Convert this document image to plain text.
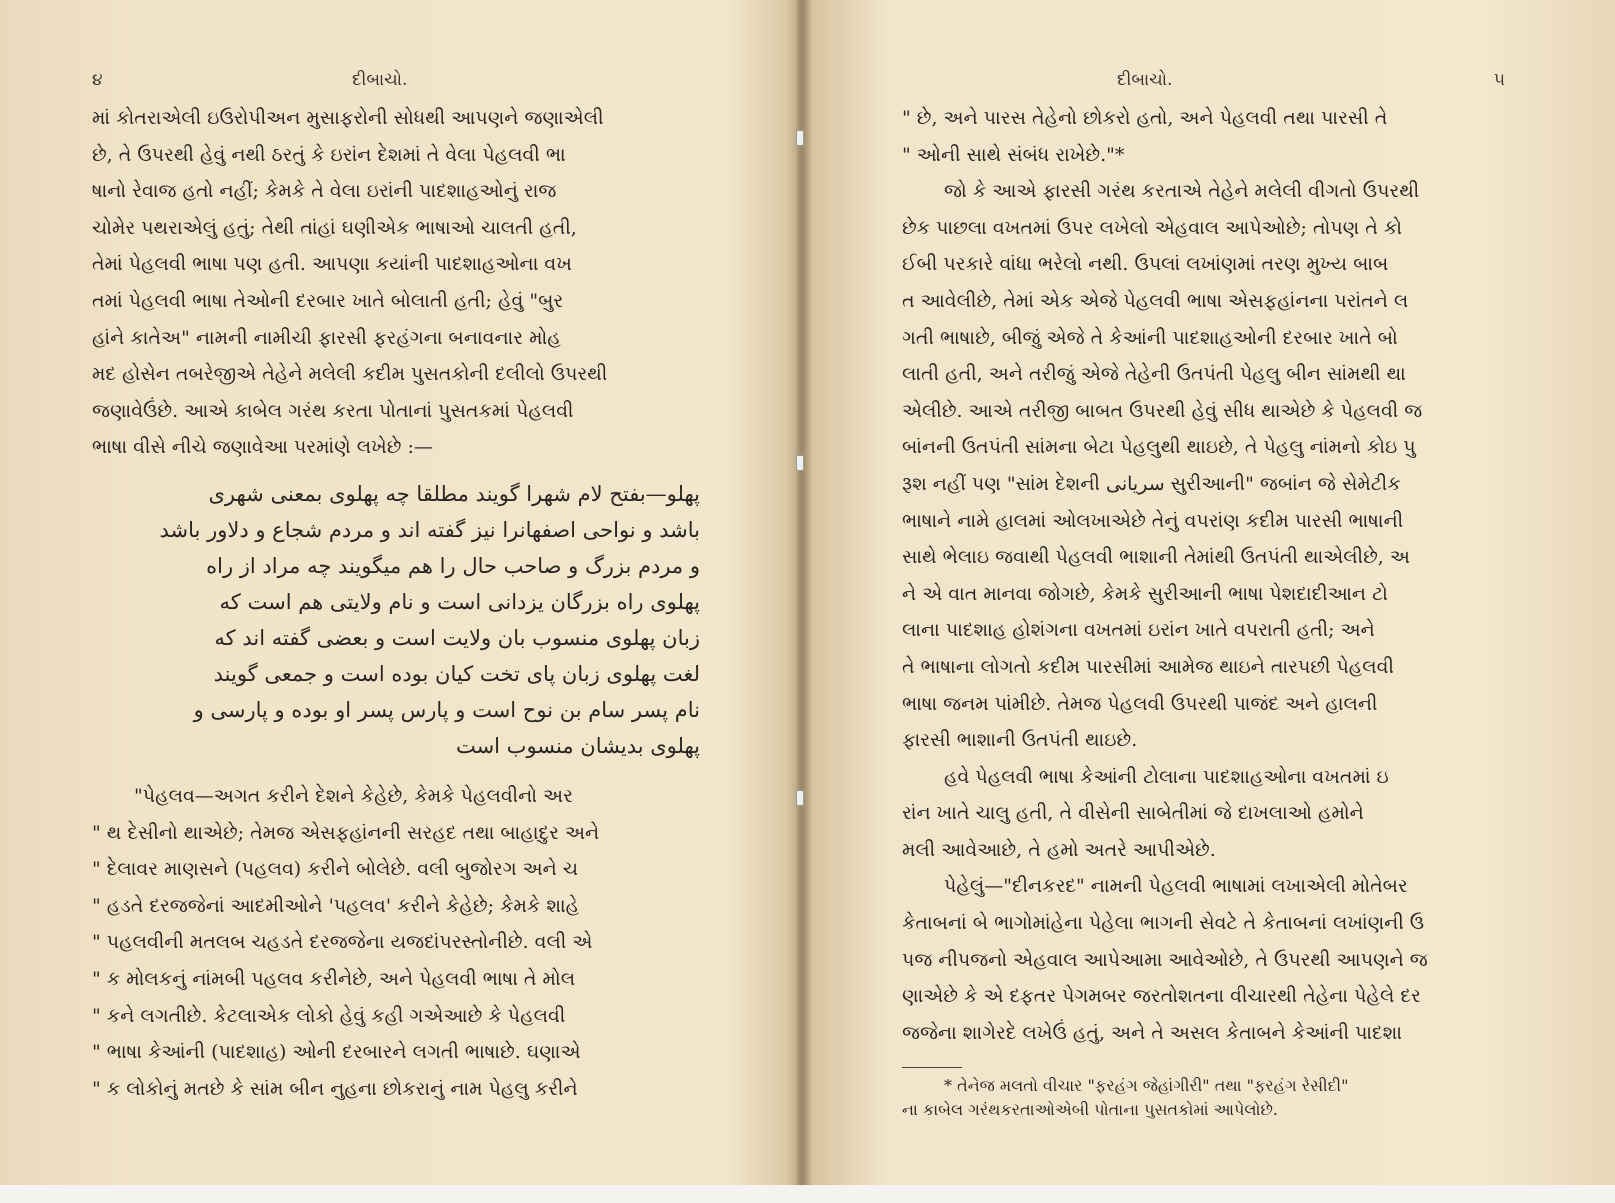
૪	દીબાચો.
માં કોતરાએલી ઇઉરોપીઅન મુસાફરોની સોધથી આપણને જણાએલી
છે, તે ઉપરથી હેવું નથી ઠરતું કે ઇરાંન દેશમાં તે વેલા પેહલવી ભા
ષાનો રેવાજ હતો નહીં; કેમકે તે વેલા ઇરાંની પાદશાહઓનું રાજ
ચોમેર પથરાએલું હતું; તેથી તાંહાં ઘણીએક ભાષાઓ ચાલતી હતી,
તેમાં પેહલવી ભાષા પણ હતી. આપણા કયાંની પાદશાહઓના વખ
તમાં પેહલવી ભાષા તેઓની દરબાર ખાતે બોલાતી હતી; હેવું "બુર
હાંને કાતેઅ" નામની નામીચી ફારસી ફરહંગના બનાવનાર મોહ
મદ હોસેન તબરેજીએ તેહેને મલેલી કદીમ પુસતકોની દલીલો ઉપરથી
જણાવેઉંછે. આએ કાબેલ ગરંથ કરતા પોતાનાં પુસતકમાં પેહલવી
ભાષા વીસે નીચે જણાવેઆ પરમાંણે લખેછે :—
پهلو—بفتح لام شهرا گویند مطلقا چه پهلوی بمعنی شهری
باشد و نواحی اصفهانرا نیز گفته اند و مردم شجاع و دلاور باشد
و مردم بزرگ و صاحب حال را هم میگویند چه مراد از راه
پهلوی راه بزرگان یزدانی است و نام ولایتی هم است که
زبان پهلوی منسوب بان ولایت است و بعضی گفته اند که
لغت پهلوی زبان پای تخت کیان بوده است و جمعی گویند
نام پسر سام بن نوح است و پارس پسر او بوده و پارسی و
پهلوی بدیشان منسوب است
"પેહલવ—અગત કરીને દેશને કેહેછે, કેમકે પેહલવીનો અર
" થ દેસીનો થાએછે; તેમજ એસફહાંનની સરહદ તથા બાહાદુર અને
" દેલાવર માણસને (પહલવ) કરીને બોલેછે. વલી બુજોરગ અને ચ
" હડતે દરજજેનાં આદમીઓને 'પહલવ' કરીને કેહેછે; કેમકે શાહે
" પહલવીની મતલબ ચહડતે દરજજેના યજદાંપરસ્તોનીછે. વલી એ
" ક મોલકનું નાંમબી પહલવ કરીનેછે, અને પેહલવી ભાષા તે મોલ
" કને લગતીછે. કેટલાએક લોકો હેવું કહી ગએઆછે કે પેહલવી
" ભાષા કેઆંની (પાદશાહ) ઓની દરબારને લગતી ભાષાછે. ઘણાએ
" ક લોકોનું મતછે કે સાંમ બીન નુહના છોકરાનું નામ પેહલુ કરીને
દીબાચો.	૫
" છે, અને પારસ તેહેનો છોકરો હતો, અને પેહલવી તથા પારસી તે
" ઓની સાથે સંબંધ રાખેછે."*
જો કે આએ ફારસી ગરંથ કરતાએ તેહેને મલેલી વીગતો ઉપરથી
છેક પાછલા વખતમાં ઉપર લખેલો એહવાલ આપેઓછે; તોપણ તે કો
ઈબી પરકારે વાંધા ભરેલો નથી. ઉપલાં લખાંણમાં તરણ મુખ્ય બાબ
ત આવેલીછે, તેમાં એક એજે પેહલવી ભાષા એસફહાંનના પરાંતને લ
ગતી ભાષાછે, બીજું એજે તે કેઆંની પાદશાહઓની દરબાર ખાતે બો
લાતી હતી, અને તરીજું એજે તેહેની ઉતપંતી પેહલુ બીન સાંમથી થા
એલીછે. આએ તરીજી બાબત ઉપરથી હેવું સીધ થાએછે કે પેહલવી જ
બાંનની ઉતપંતી સાંમના બેટા પેહલુથી થાઇછે, તે પેહલુ નાંમનો કોઇ પુ
રૂશ નહીં પણ "સાંમ દેશની سریانی સુરીઆની" જબાંન જે સેમેટીક
ભાષાને નામે હાલમાં ઓલખાએછે તેનું વપરાંણ કદીમ પારસી ભાષાની
સાથે ભેલાઇ જવાથી પેહલવી ભાશાની તેમાંથી ઉતપંતી થાએલીછે, અ
ને એ વાત માનવા જોગછે, કેમકે સુરીઆની ભાષા પેશદાદીઆન ટો
લાના પાદશાહ હોશંગના વખતમાં ઇરાંન ખાતે વપરાતી હતી; અને
તે ભાષાના લોગતો કદીમ પારસીમાં આમેજ થાઇને તારપછી પેહલવી
ભાષા જનમ પાંમીછે. તેમજ પેહલવી ઉપરથી પાજંદ અને હાલની
ફારસી ભાશાની ઉતપંતી થાઇછે.
હવે પેહલવી ભાષા કેઆંની ટોલાના પાદશાહઓના વખતમાં ઇ
રાંન ખાતે ચાલુ હતી, તે વીસેની સાબેતીમાં જે દાખલાઓ હમોને
મલી આવેઆછે, તે હમો અતરે આપીએછે.
પેહેલું—"દીનકરદ" નામની પેહલવી ભાષામાં લખાએલી મોતેબર
કેતાબનાં બે ભાગોમાંહેના પેહેલા ભાગની સેવટે તે કેતાબનાં લખાંણની ઉ
પજ નીપજનો એહવાલ આપેઆમા આવેઓછે, તે ઉપરથી આપણને જ
ણાએછે કે એ દફતર પેગમબર જરતોશતના વીચારથી તેહેના પેહેલે દર
જજેના શાગેરદે લખેઉં હતું, અને તે અસલ કેતાબને કેઆંની પાદશા
* તેનેજ મલતો વીચાર "ફરહંગ જેહાંગીરી" તથા "ફરહંગ રેસીદી"
ના કાબેલ ગરંથકરતાઓએબી પોતાના પુસતકોમાં આપેલોછે.
